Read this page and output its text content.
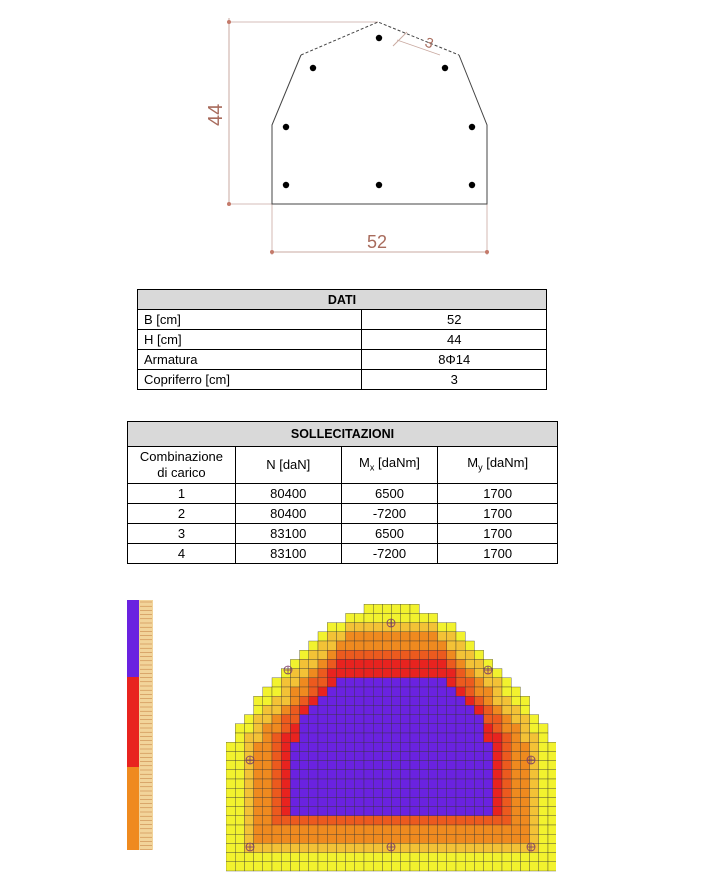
44
52
3
DATI	
B [cm]	52
H [cm]	44
Armatura	8Φ14
Copriferro [cm]	3
SOLLECITAZIONI			
Combinazione
di carico	N [daN]	$M_x$ [daNm]	$M_y$ [daNm]
1	80400	6500	1700
2	80400	-7200	1700
3	83100	6500	1700
4	83100	-7200	1700
